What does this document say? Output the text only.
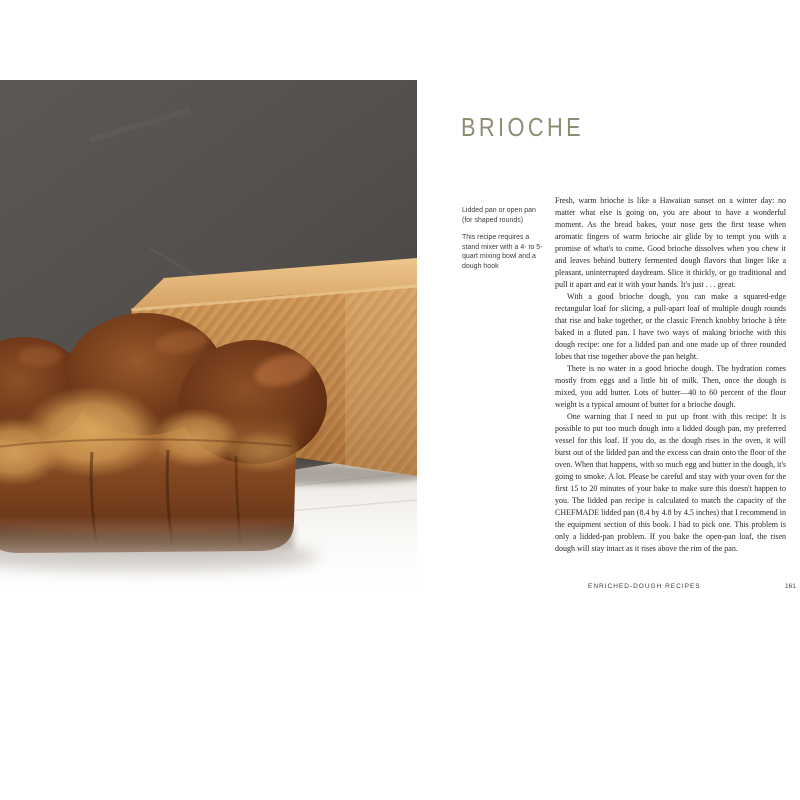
BRIOCHE

Lidded pan or open pan (for shaped rounds)

This recipe requires a stand mixer with a 4- to 5-quart mixing bowl and a dough hook

Fresh, warm brioche is like a Hawaiian sunset on a winter day: no matter what else is going on, you are about to have a wonderful moment. As the bread bakes, your nose gets the first tease when aromatic fingers of warm brioche air glide by to tempt you with a promise of what's to come. Good brioche dissolves when you chew it and leaves behind buttery fermented dough flavors that linger like a pleasant, uninterrupted daydream. Slice it thickly, or go traditional and pull it apart and eat it with your hands. It's just . . . great.

With a good brioche dough, you can make a squared-edge rectangular loaf for slicing, a pull-apart loaf of multiple dough rounds that rise and bake together, or the classic French knobby brioche à tête baked in a fluted pan. I have two ways of making brioche with this dough recipe: one for a lidded pan and one made up of three rounded lobes that rise together above the pan height.

There is no water in a good brioche dough. The hydration comes mostly from eggs and a little bit of milk. Then, once the dough is mixed, you add butter. Lots of butter—40 to 60 percent of the flour weight is a typical amount of butter for a brioche dough.

One warning that I need to put up front with this recipe: It is possible to put too much dough into a lidded dough pan, my preferred vessel for this loaf. If you do, as the dough rises in the oven, it will burst out of the lidded pan and the excess can drain onto the floor of the oven. When that happens, with so much egg and butter in the dough, it's going to smoke. A lot. Please be careful and stay with your oven for the first 15 to 20 minutes of your bake to make sure this doesn't happen to you. The lidded pan recipe is calculated to match the capacity of the CHEFMADE lidded pan (8.4 by 4.8 by 4.5 inches) that I recommend in the equipment section of this book. I had to pick one. This problem is only a lidded-pan problem. If you bake the open-pan loaf, the risen dough will stay intact as it rises above the rim of the pan.

ENRICHED-DOUGH RECIPES	161
